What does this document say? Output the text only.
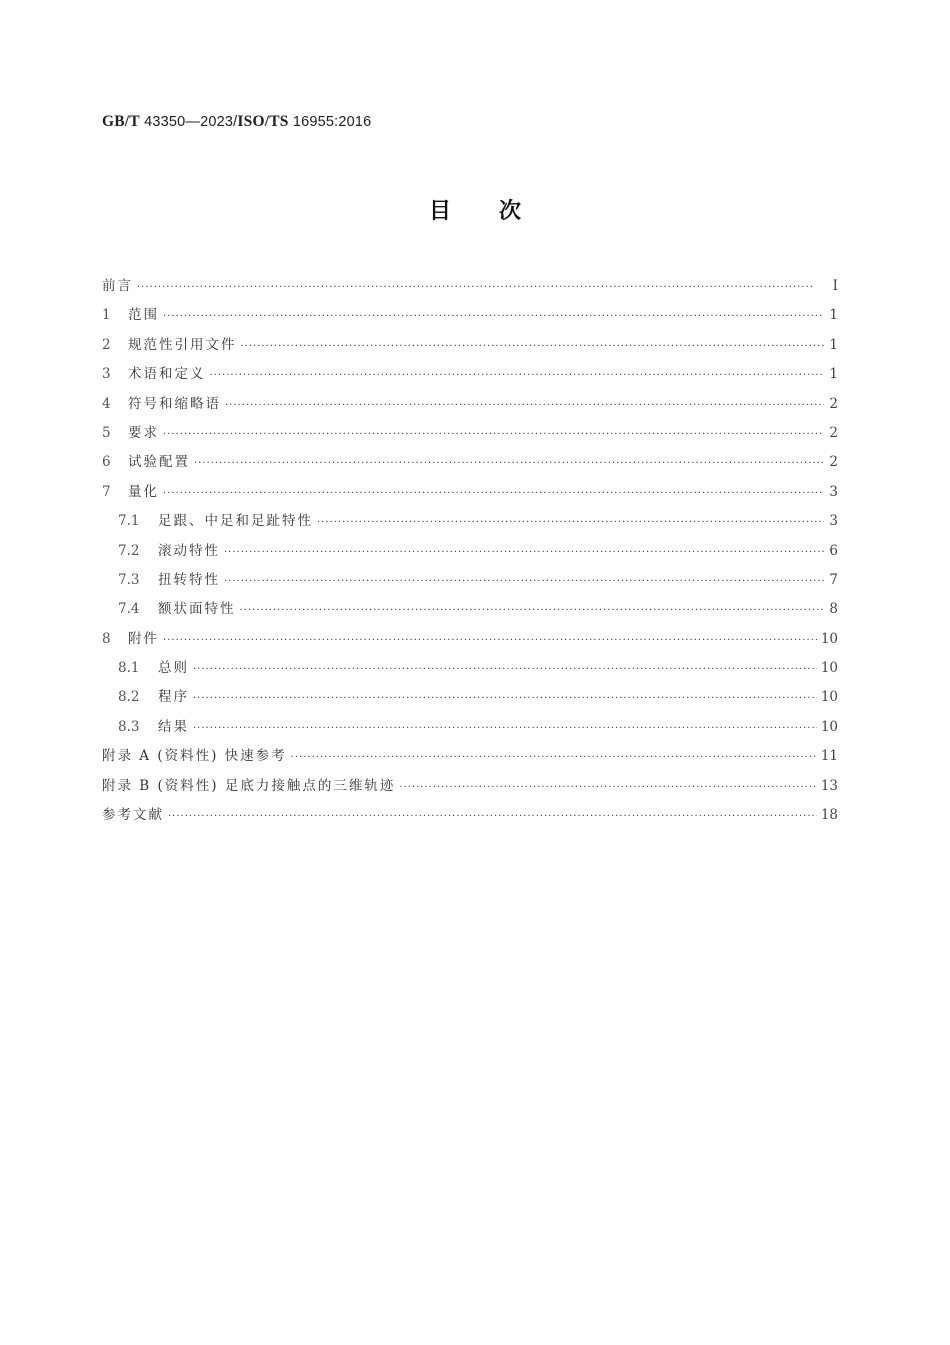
GB/T 43350—2023/ISO/TS 16955:2016
目次
前言 ·····	I
1	范围 ·····	1
2	规范性引用文件 ·····	1
3	术语和定义 ·····	1
4	符号和缩略语 ·····	2
5	要求 ·····	2
6	试验配置 ·····	2
7	量化 ·····	3
7.1	足跟、中足和足趾特性 ·····	3
7.2	滚动特性 ·····	6
7.3	扭转特性 ·····	7
7.4	额状面特性 ·····	8
8	附件 ·····	10
8.1	总则 ·····	10
8.2	程序 ·····	10
8.3	结果 ·····	10
附录 A (资料性) 快速参考 ·····	11
附录 B (资料性) 足底力接触点的三维轨迹 ·····	13
参考文献 ·····	18
